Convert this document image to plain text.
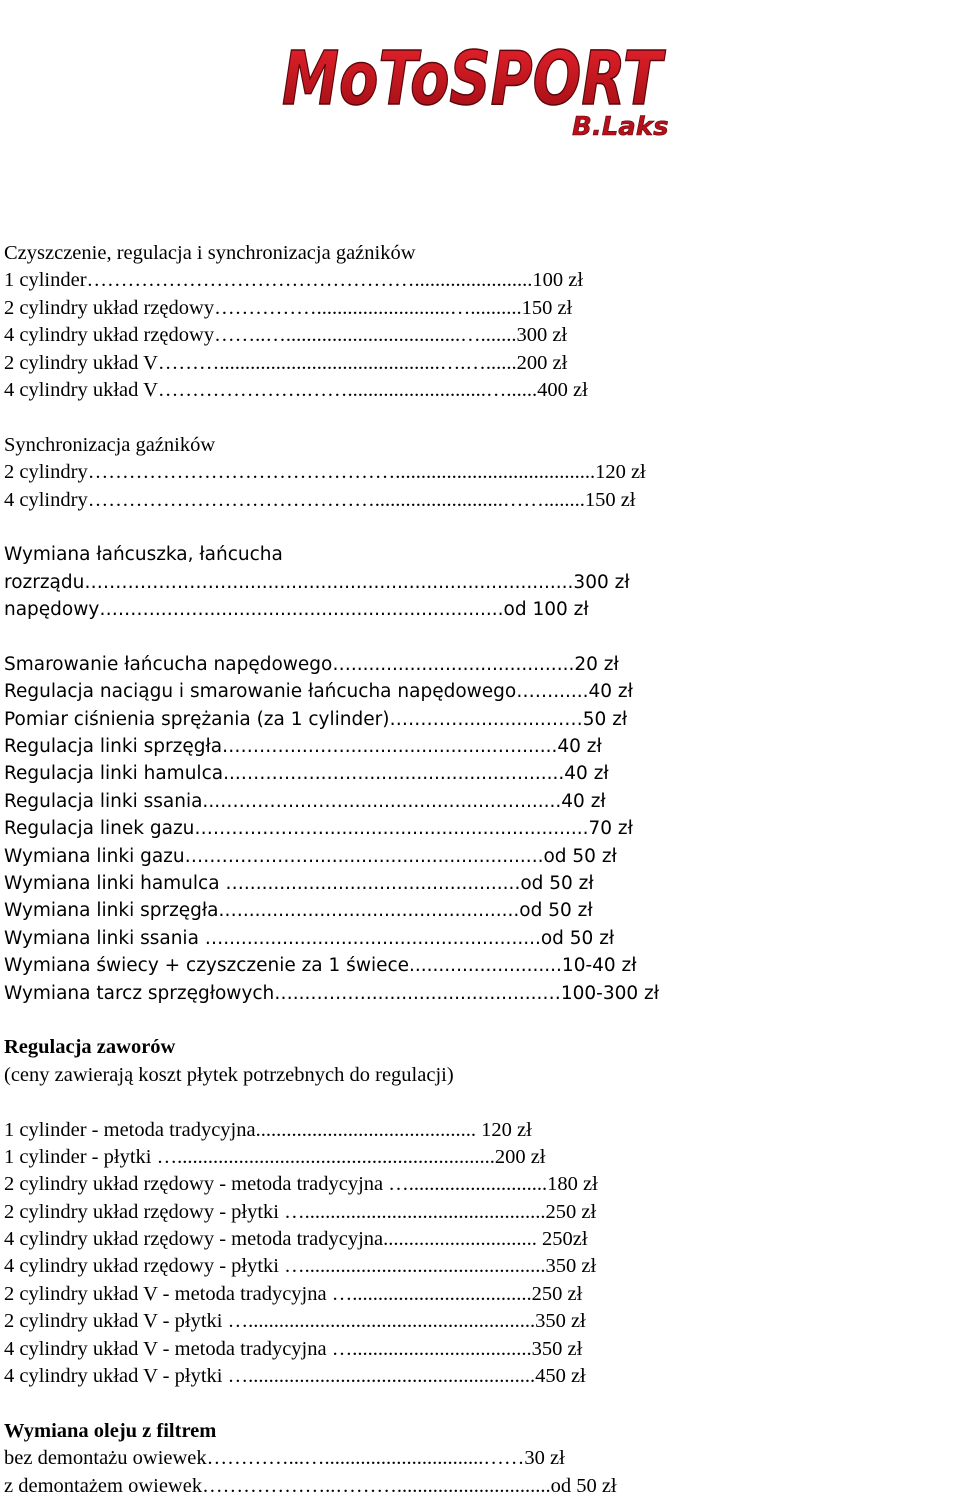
MoToSPORT
B.Laks
Czyszczenie, regulacja i synchronizacja gaźników
1 cylinder………………………………………….......................100 zł
2 cylindry układ rzędowy……………..........................…..........150 zł
4 cylindry układ rzędowy……..…..................................….......300 zł
2 cylindry układ V………...........................................….…......200 zł
4 cylindry układ V………………….……...........................…......400 zł
Synchronizacja gaźników
2 cylindry……………………………………….......................................120 zł
4 cylindry…………………………………….........................……........150 zł
Wymiana łańcuszka, łańcucha
rozrządu……………………..........................................................300 zł
napędowy………..……...................................................od 100 zł
Smarowanie łańcucha napędowego…......................................20 zł
Regulacja naciągu i smarowanie łańcucha napędowego……......40 zł
Pomiar ciśnienia sprężania (za 1 cylinder)…………..............……50 zł
Regulacja linki sprzęgła…………..……..........................….......40 zł
Regulacja linki hamulca...…………..……........................….......40 zł
Regulacja linki ssania...…………..……...........................….......40 zł
Regulacja linek gazu………………….............................................70 zł
Wymiana linki gazu………………….......................................od 50 zł
Wymiana linki hamulca …...............................................od 50 zł
Wymiana linki sprzęgła.…...............................................od 50 zł
Wymiana linki ssania …......................................................od 50 zł
Wymiana świecy + czyszczenie za 1 świece..........................10-40 zł
Wymiana tarcz sprzęgłowych…...………..............................…100-300 zł
Regulacja zaworów
(ceny zawierają koszt płytek potrzebnych do regulacji)
1 cylinder - metoda tradycyjna........................................... 120 zł
1 cylinder - płytki …..............................................................200 zł
2 cylindry układ rzędowy - metoda tradycyjna …...........................180 zł
2 cylindry układ rzędowy - płytki …...............................................250 zł
4 cylindry układ rzędowy - metoda tradycyjna.............................. 250zł
4 cylindry układ rzędowy - płytki …...............................................350 zł
2 cylindry układ V - metoda tradycyjna …...................................250 zł
2 cylindry układ V - płytki …........................................................350 zł
4 cylindry układ V - metoda tradycyjna …...................................350 zł
4 cylindry układ V - płytki …........................................................450 zł
Wymiana oleju z filtrem
bez demontażu owiewek…………...…...............................……30 zł
z demontażem owiewek………………..………..............................od 50 zł
